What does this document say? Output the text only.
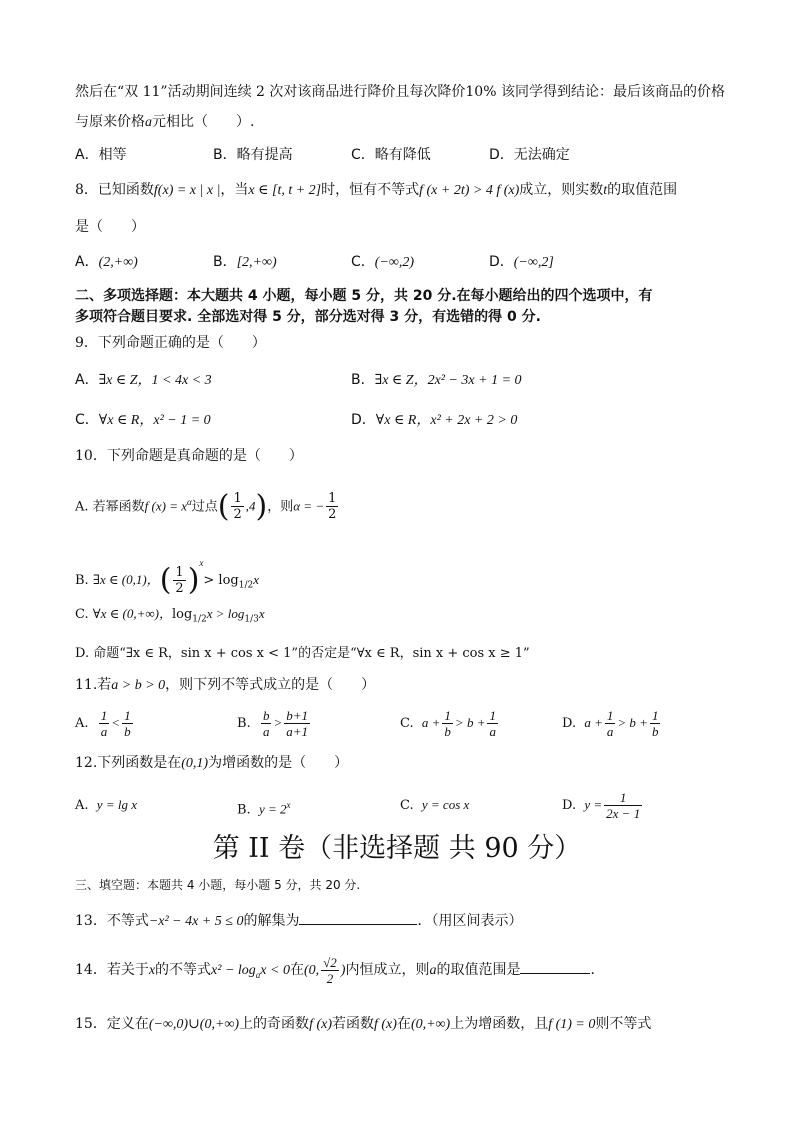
然后在“双 11”活动期间连续 2 次对该商品进行降价且每次降价10% 该同学得到结论：最后该商品的价格
与原来价格a元相比（　　）.
A．相等	B．略有提高	C．略有降低	D．无法确定
8．已知函数f(x) = x | x |，当x ∈ [t, t + 2]时，恒有不等式f (x + 2t) > 4 f (x)成立，则实数t的取值范围
是（　　）
A．(2,+∞)	B．[2,+∞)	C．(−∞,2)	D．(−∞,2]
二、多项选择题：本大题共 4 小题，每小题 5 分，共 20 分.在每小题给出的四个选项中，有
多项符合题目要求. 全部选对得 5 分，部分选对得 3 分，有选错的得 0 分.
9．下列命题正确的是（　　）
A．∃x ∈ Z，1 < 4x < 3	B．∃x ∈ Z，2x² − 3x + 1 = 0
C．∀x ∈ R，x² − 1 = 0	D．∀x ∈ R，x² + 2x + 2 > 0
10．下列命题是真命题的是（　　）
A. 若幂函数f $(x) = x^\alpha$过点( $\frac{1}{2} ,4$)，则α = − $\frac{1}{2}$
B. ∃x ∈ (0,1)，( $\frac{1}{2} )^x> \log_{1/2}x$
C. ∀x ∈ (0,+∞)，$\log_{1/2}x > \log_{1/3}x$
D. 命题“∃x ∈ R，sin x + cos x < 1”的否定是“∀x ∈ R，sin x + cos x ≥ 1”
11.若a > b > 0，则下列不等式成立的是（　　）
A. $\frac{1}{a} < \frac{1}{b}$	B. $\frac{b}{a} > \frac{b+1}{a+1}$	C. $a + \frac{1}{b} > b + \frac{1}{a}$	D. $a + \frac{1}{a} > b + \frac{1}{b}$
12.下列函数是在(0,1)为增函数的是（　　）
A. y = lg x	B. $y = 2^x$	C. y = cos x	D. $y = \frac{1}{2x - 1}$
第 II 卷（非选择题 共 90 分）
三、填空题：本题共 4 小题，每小题 5 分，共 20 分.
13．不等式−x² − 4x + 5 ≤ 0的解集为	．（用区间表示）
14．若关于x的不等式$x^2 - \log_ax < 0$在(0, $\frac{√2}{2}$ )内恒成立，则a的取值范围是	．
15．定义在(−∞,0)∪(0,+∞)上的奇函数f (x)若函数f (x)在(0,+∞)上为增函数，且f (1) = 0则不等式
